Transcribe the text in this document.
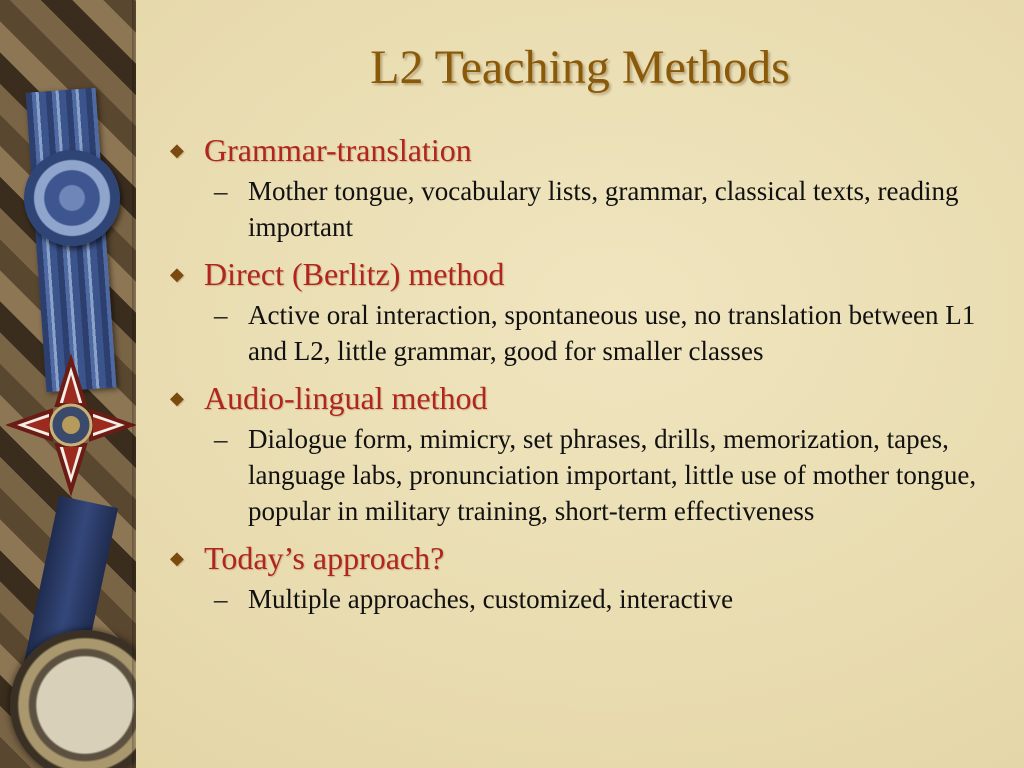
L2 Teaching Methods
◆ Grammar-translation
– Mother tongue, vocabulary lists, grammar, classical texts, reading important
◆ Direct (Berlitz) method
– Active oral interaction, spontaneous use, no translation between L1 and L2, little grammar, good for smaller classes
◆ Audio-lingual method
– Dialogue form, mimicry, set phrases, drills, memorization, tapes, language labs, pronunciation important, little use of mother tongue, popular in military training, short-term effectiveness
◆ Today’s approach?
– Multiple approaches, customized, interactive
